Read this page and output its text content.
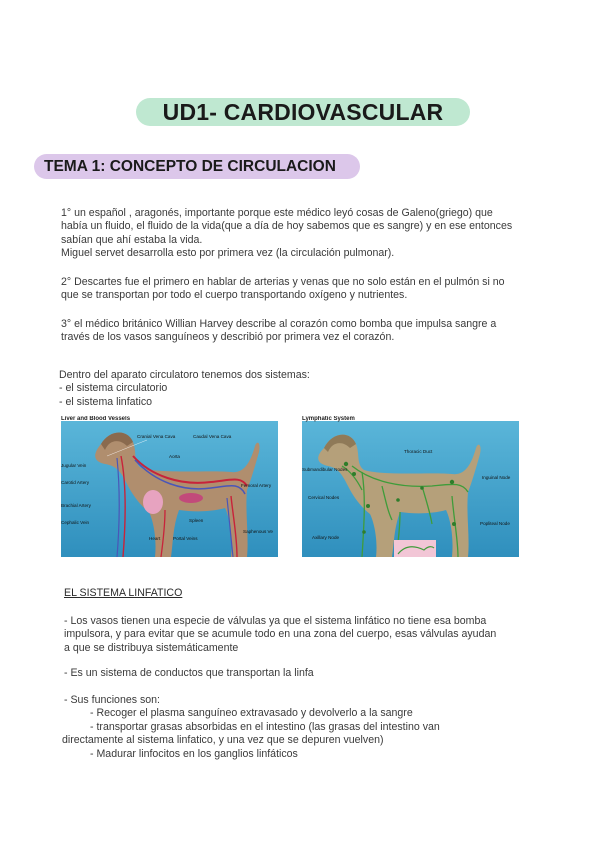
UD1- CARDIOVASCULAR
TEMA 1: CONCEPTO DE CIRCULACION

1° un español , aragonés, importante porque este médico leyó cosas de Galeno(griego) que

había un fluido, el fluido de la vida(que a día de hoy sabemos que es sangre) y en ese entonces

sabían que ahí estaba la vida.

Miguel servet desarrolla esto por primera vez (la circulación pulmonar).

2° Descartes fue el primero en hablar de arterias y venas que no solo están en el pulmón si no

que se transportan por todo el cuerpo transportando oxígeno y nutrientes.

3° el médico británico Willian Harvey describe al corazón como bomba que impulsa sangre a

través de los vasos sanguíneos y describió por primera vez el corazón.

Dentro del aparato circulatoro tenemos dos sistemas:

- el sistema circulatorio

- el sistema linfatico

Liver and Blood Vessels
Cranial Vena Cava	Caudal Vena Cava
Aorta
Jugular Vein
Carotid Artery
Brachial Artery
Cephalic Vein
Femoral Artery
Spleen
Saphenous Ve
Heart	Portal Veins
Lymphatic System
Thoracic Duct
Submandibular Nodes
Inguinal Node
Cervical Nodes
Popliteal Node
Axillary Node
EL SISTEMA LINFATICO

- Los vasos tienen una especie de válvulas ya que el sistema linfático no tiene esa bomba

impulsora, y para evitar que se acumule todo en una zona del cuerpo, esas válvulas ayudan

a que se distribuya sistemáticamente

- Es un sistema de conductos que transportan la linfa

- Sus funciones son:

- Recoger el plasma sanguíneo extravasado y devolverlo a la sangre

- transportar grasas absorbidas en el intestino (las grasas del intestino van

directamente al sistema linfatico, y una vez que se depuren vuelven)

- Madurar linfocitos en los ganglios linfáticos
